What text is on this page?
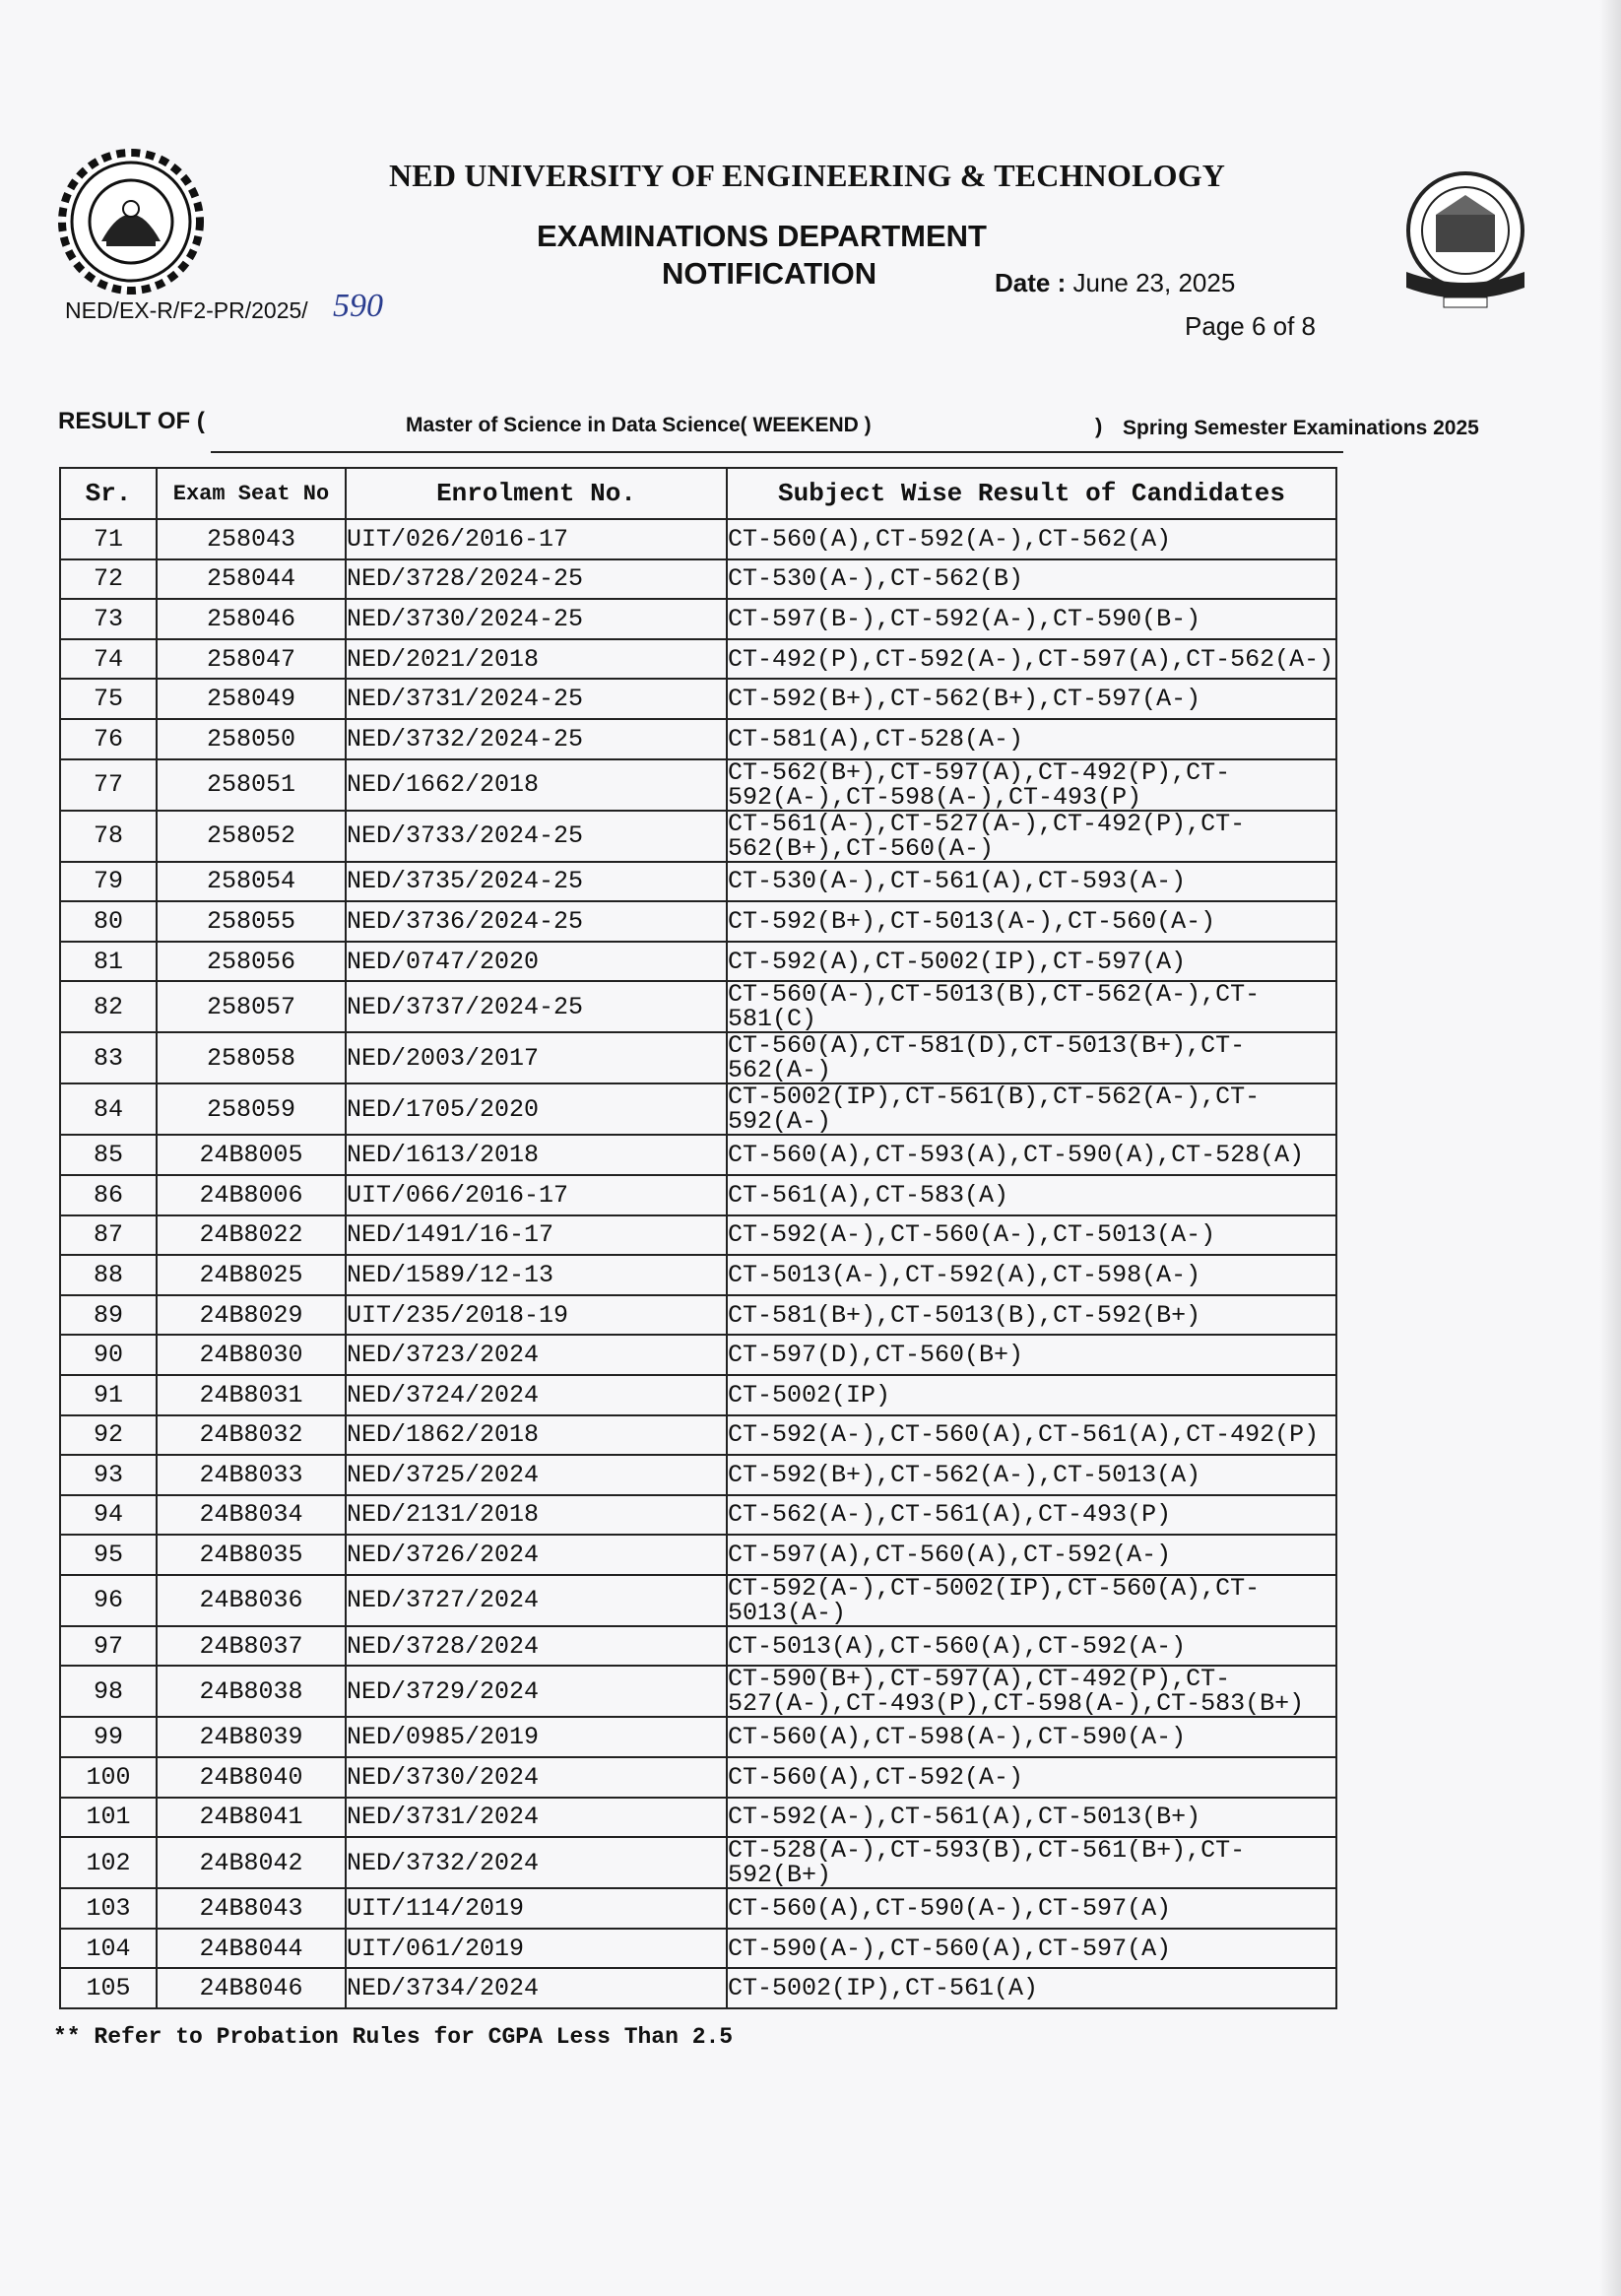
NED UNIVERSITY OF ENGINEERING & TECHNOLOGY
EXAMINATIONS DEPARTMENT
NOTIFICATION
NED/EX-R/F2-PR/2025/ 590
Date : June 23, 2025
Page 6 of 8
RESULT OF (	Master of Science in Data Science( WEEKEND )	) Spring Semester Examinations 2025
Sr.	Exam Seat No	Enrolment No.	Subject Wise Result of Candidates
71	258043	UIT/026/2016-17	CT-560(A),CT-592(A-),CT-562(A)
72	258044	NED/3728/2024-25	CT-530(A-),CT-562(B)
73	258046	NED/3730/2024-25	CT-597(B-),CT-592(A-),CT-590(B-)
74	258047	NED/2021/2018	CT-492(P),CT-592(A-),CT-597(A),CT-562(A-)
75	258049	NED/3731/2024-25	CT-592(B+),CT-562(B+),CT-597(A-)
76	258050	NED/3732/2024-25	CT-581(A),CT-528(A-)
77	258051	NED/1662/2018	CT-562(B+),CT-597(A),CT-492(P),CT-592(A-),CT-598(A-),CT-493(P)
78	258052	NED/3733/2024-25	CT-561(A-),CT-527(A-),CT-492(P),CT-562(B+),CT-560(A-)
79	258054	NED/3735/2024-25	CT-530(A-),CT-561(A),CT-593(A-)
80	258055	NED/3736/2024-25	CT-592(B+),CT-5013(A-),CT-560(A-)
81	258056	NED/0747/2020	CT-592(A),CT-5002(IP),CT-597(A)
82	258057	NED/3737/2024-25	CT-560(A-),CT-5013(B),CT-562(A-),CT-581(C)
83	258058	NED/2003/2017	CT-560(A),CT-581(D),CT-5013(B+),CT-562(A-)
84	258059	NED/1705/2020	CT-5002(IP),CT-561(B),CT-562(A-),CT-592(A-)
85	24B8005	NED/1613/2018	CT-560(A),CT-593(A),CT-590(A),CT-528(A)
86	24B8006	UIT/066/2016-17	CT-561(A),CT-583(A)
87	24B8022	NED/1491/16-17	CT-592(A-),CT-560(A-),CT-5013(A-)
88	24B8025	NED/1589/12-13	CT-5013(A-),CT-592(A),CT-598(A-)
89	24B8029	UIT/235/2018-19	CT-581(B+),CT-5013(B),CT-592(B+)
90	24B8030	NED/3723/2024	CT-597(D),CT-560(B+)
91	24B8031	NED/3724/2024	CT-5002(IP)
92	24B8032	NED/1862/2018	CT-592(A-),CT-560(A),CT-561(A),CT-492(P)
93	24B8033	NED/3725/2024	CT-592(B+),CT-562(A-),CT-5013(A)
94	24B8034	NED/2131/2018	CT-562(A-),CT-561(A),CT-493(P)
95	24B8035	NED/3726/2024	CT-597(A),CT-560(A),CT-592(A-)
96	24B8036	NED/3727/2024	CT-592(A-),CT-5002(IP),CT-560(A),CT-5013(A-)
97	24B8037	NED/3728/2024	CT-5013(A),CT-560(A),CT-592(A-)
98	24B8038	NED/3729/2024	CT-590(B+),CT-597(A),CT-492(P),CT-527(A-),CT-493(P),CT-598(A-),CT-583(B+)
99	24B8039	NED/0985/2019	CT-560(A),CT-598(A-),CT-590(A-)
100	24B8040	NED/3730/2024	CT-560(A),CT-592(A-)
101	24B8041	NED/3731/2024	CT-592(A-),CT-561(A),CT-5013(B+)
102	24B8042	NED/3732/2024	CT-528(A-),CT-593(B),CT-561(B+),CT-592(B+)
103	24B8043	UIT/114/2019	CT-560(A),CT-590(A-),CT-597(A)
104	24B8044	UIT/061/2019	CT-590(A-),CT-560(A),CT-597(A)
105	24B8046	NED/3734/2024	CT-5002(IP),CT-561(A)
** Refer to Probation Rules for CGPA Less Than 2.5
